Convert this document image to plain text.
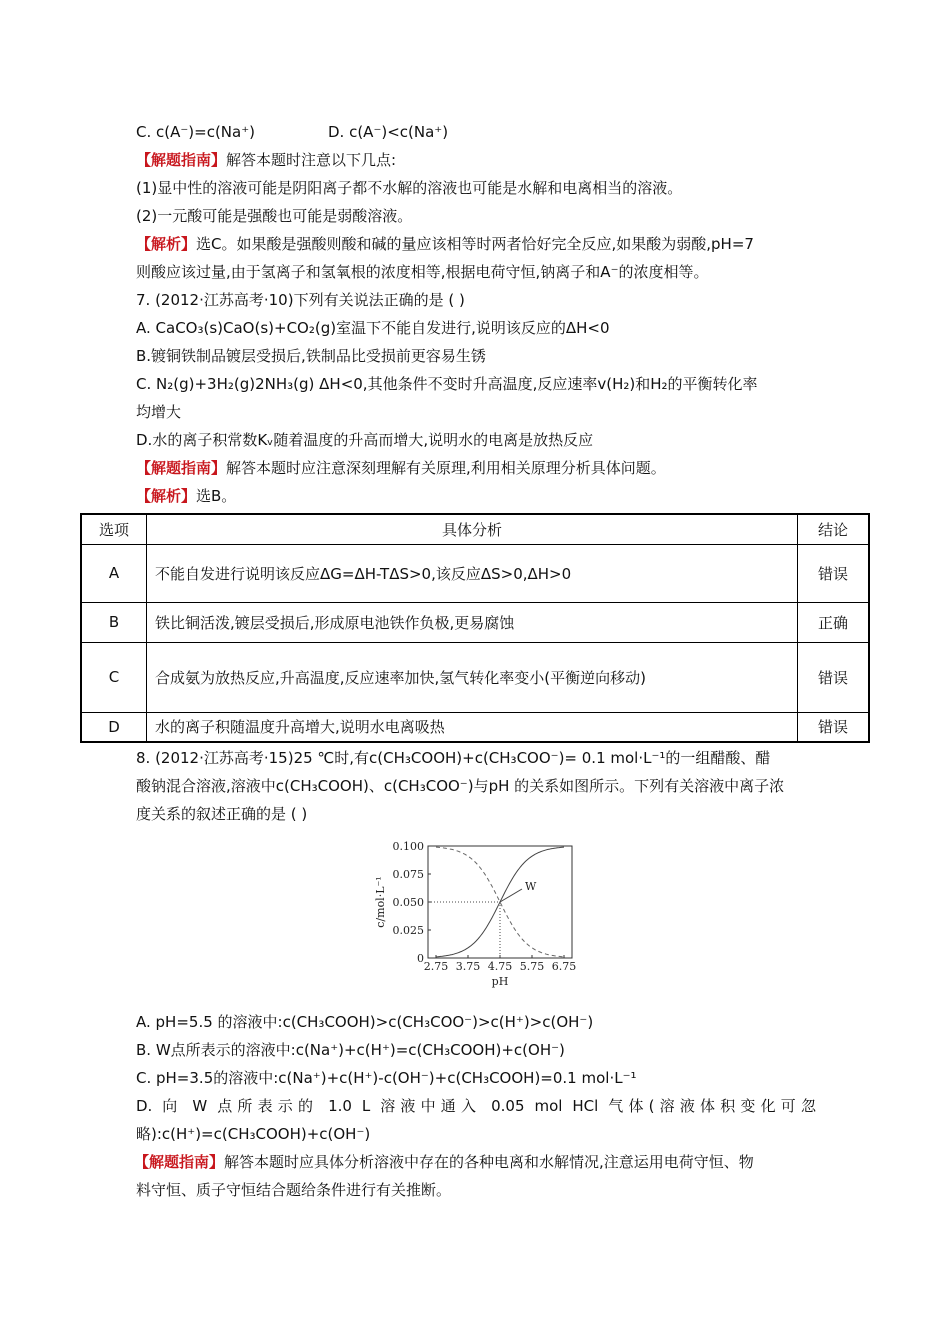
C. c(A⁻)=c(Na⁺)	D. c(A⁻)<c(Na⁺)
【解题指南】解答本题时注意以下几点:
(1)显中性的溶液可能是阴阳离子都不水解的溶液也可能是水解和电离相当的溶液。
(2)一元酸可能是强酸也可能是弱酸溶液。
【解析】选C。如果酸是强酸则酸和碱的量应该相等时两者恰好完全反应,如果酸为弱酸,pH=7
则酸应该过量,由于氢离子和氢氧根的浓度相等,根据电荷守恒,钠离子和A⁻的浓度相等。
7. (2012·江苏高考·10)下列有关说法正确的是 ( )
A. CaCO₃(s)CaO(s)+CO₂(g)室温下不能自发进行,说明该反应的ΔH<0
B.镀铜铁制品镀层受损后,铁制品比受损前更容易生锈
C. N₂(g)+3H₂(g)2NH₃(g) ΔH<0,其他条件不变时升高温度,反应速率v(H₂)和H₂的平衡转化率
均增大
D.水的离子积常数Kᵥ随着温度的升高而增大,说明水的电离是放热反应
【解题指南】解答本题时应注意深刻理解有关原理,利用相关原理分析具体问题。
【解析】选B。
选项	具体分析	结论
A	不能自发进行说明该反应ΔG=ΔH-TΔS>0,该反应ΔS>0,ΔH>0	错误
B	铁比铜活泼,镀层受损后,形成原电池铁作负极,更易腐蚀	正确
C	合成氨为放热反应,升高温度,反应速率加快,氢气转化率变小(平衡逆向移动)	错误
D	水的离子积随温度升高增大,说明水电离吸热	错误
8. (2012·江苏高考·15)25 ℃时,有c(CH₃COOH)+c(CH₃COO⁻)= 0.1 mol·L⁻¹的一组醋酸、醋
酸钠混合溶液,溶液中c(CH₃COOH)、c(CH₃COO⁻)与pH 的关系如图所示。下列有关溶液中离子浓
度关系的叙述正确的是 ( )
2.75 3.75 4.75 5.75 6.75
0
0.025
0.050
0.075
0.100
pH
c/mol·L⁻¹	W
A. pH=5.5 的溶液中:c(CH₃COOH)>c(CH₃COO⁻)>c(H⁺)>c(OH⁻)
B. W点所表示的溶液中:c(Na⁺)+c(H⁺)=c(CH₃COOH)+c(OH⁻)
C. pH=3.5的溶液中:c(Na⁺)+c(H⁺)-c(OH⁻)+c(CH₃COOH)=0.1 mol·L⁻¹
D. 向 W 点所表示的 1.0 L 溶液中通入 0.05 mol HCl 气体(溶液体积变化可忽
略):c(H⁺)=c(CH₃COOH)+c(OH⁻)
【解题指南】解答本题时应具体分析溶液中存在的各种电离和水解情况,注意运用电荷守恒、物
料守恒、质子守恒结合题给条件进行有关推断。
